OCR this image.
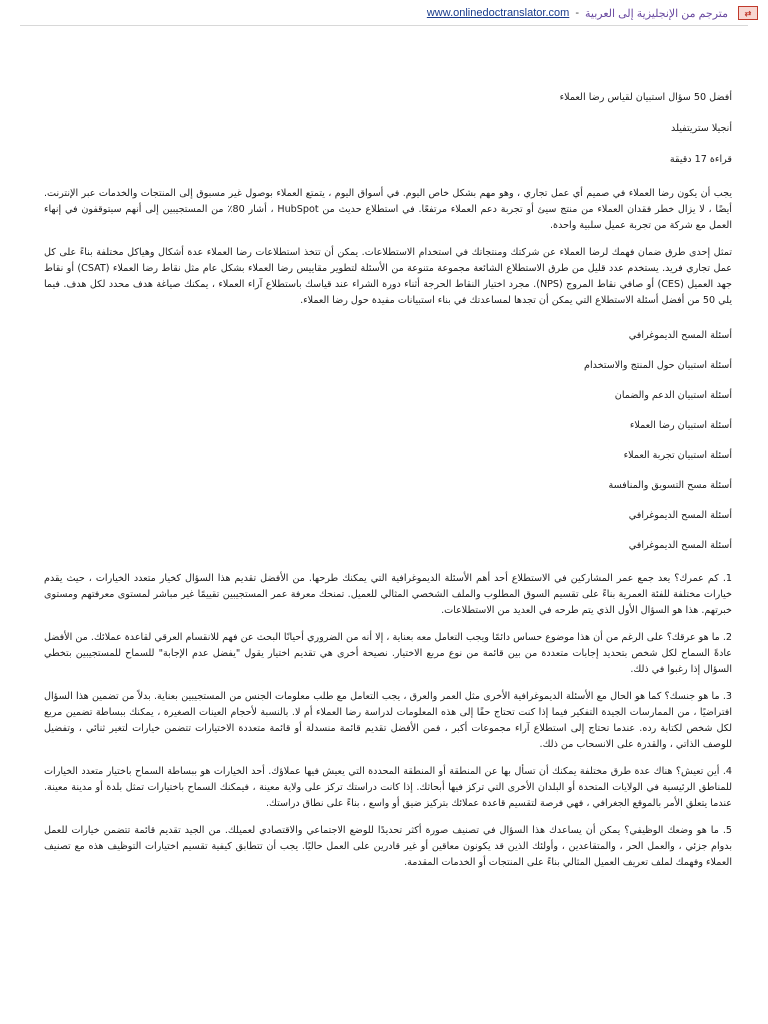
www.onlinedoctranslator.com - مترجم من الإنجليزية إلى العربية	⇄

أفضل 50 سؤال استبيان لقياس رضا العملاء

أنجيلا ستريتفيلد

قراءة 17 دقيقة

يجب أن يكون رضا العملاء في صميم أي عمل تجاري ، وهو مهم بشكل خاص اليوم. في أسواق اليوم ، يتمتع العملاء بوصول غير مسبوق إلى المنتجات والخدمات عبر الإنترنت. أيضًا ، لا يزال خطر فقدان العملاء من منتج سيئ أو تجربة دعم العملاء مرتفعًا. في استطلاع حديث من HubSpot ، أشار 80٪ من المستجيبين إلى أنهم سيتوقفون في إنهاء العمل مع شركة من تجربة عميل سلبية واحدة.

تمثل إحدى طرق ضمان فهمك لرضا العملاء عن شركتك ومنتجاتك في استخدام الاستطلاعات. يمكن أن تتخذ استطلاعات رضا العملاء عدة أشكال وهياكل مختلفة بناءً على كل عمل تجاري فريد. يستخدم عدد قليل من طرق الاستطلاع الشائعة مجموعة متنوعة من الأسئلة لتطوير مقاييس رضا العملاء بشكل عام مثل نقاط رضا العملاء (CSAT) أو نقاط جهد العميل (CES) أو صافي نقاط المروج (NPS). مجرد اختيار النقاط الحرجة أثناء دورة الشراء عند قياسك باستطلاع آراء العملاء ، يمكنك صياغة هدف محدد لكل هدف. فيما يلي 50 من أفضل أسئلة الاستطلاع التي يمكن أن تجدها لمساعدتك في بناء استبيانات مفيدة حول رضا العملاء.

أسئلة المسح الديموغرافي

أسئلة استبيان حول المنتج والاستخدام

أسئلة استبيان الدعم والضمان

أسئلة استبيان رضا العملاء

أسئلة استبيان تجربة العملاء

أسئلة مسح التسويق والمنافسة

أسئلة المسح الديموغرافي

أسئلة المسح الديموغرافي

1. كم عمرك؟ يعد جمع عمر المشاركين في الاستطلاع أحد أهم الأسئلة الديموغرافية التي يمكنك طرحها. من الأفضل تقديم هذا السؤال كخيار متعدد الخيارات ، حيث يقدم خيارات مختلفة للفئة العمرية بناءً على تقسيم السوق المطلوب والملف الشخصي المثالي للعميل. تمنحك معرفة عمر المستجيبين تقييمًا غير مباشر لمستوى معرفتهم ومستوى خبرتهم. هذا هو السؤال الأول الذي يتم طرحه في العديد من الاستطلاعات.

2. ما هو عرقك؟ على الرغم من أن هذا موضوع حساس دائمًا ويجب التعامل معه بعناية ، إلا أنه من الضروري أحيانًا البحث عن فهم للانقسام العرقي لقاعدة عملائك. من الأفضل عادةً السماح لكل شخص بتحديد إجابات متعددة من بين قائمة من نوع مربع الاختيار. نصيحة أخرى هي تقديم اختيار يقول "يفضل عدم الإجابة" للسماح للمستجيبين بتخطي السؤال إذا رغبوا في ذلك.

3. ما هو جنسك؟ كما هو الحال مع الأسئلة الديموغرافية الأخرى مثل العمر والعرق ، يجب التعامل مع طلب معلومات الجنس من المستجيبين بعناية. بدلاً من تضمين هذا السؤال افتراضيًا ، من الممارسات الجيدة التفكير فيما إذا كنت تحتاج حقًا إلى هذه المعلومات لدراسة رضا العملاء أم لا. بالنسبة لأحجام العينات الصغيرة ، يمكنك ببساطة تضمين مربع لكل شخص لكتابة رده. عندما تحتاج إلى استطلاع آراء مجموعات أكبر ، فمن الأفضل تقديم قائمة منسدلة أو قائمة متعددة الاختيارات تتضمن خيارات لتغير ثنائي ، وتفضيل للوصف الذاتي ، والقدرة على الانسحاب من ذلك.

4. أين تعيش؟ هناك عدة طرق مختلفة يمكنك أن تسأل بها عن المنطقة أو المنطقة المحددة التي يعيش فيها عملاؤك. أحد الخيارات هو ببساطة السماح باختيار متعدد الخيارات للمناطق الرئيسية في الولايات المتحدة أو البلدان الأخرى التي تركز فيها أبحاثك. إذا كانت دراستك تركز على ولاية معينة ، فيمكنك السماح باختيارات تمثل بلدة أو مدينة معينة. عندما يتعلق الأمر بالموقع الجغرافي ، فهي فرصة لتقسيم قاعدة عملائك بتركيز ضيق أو واسع ، بناءً على نطاق دراستك.

5. ما هو وضعك الوظيفي؟ يمكن أن يساعدك هذا السؤال في تصنيف صورة أكثر تحديدًا للوضع الاجتماعي والاقتصادي لعميلك. من الجيد تقديم قائمة تتضمن خيارات للعمل بدوام جزئي ، والعمل الحر ، والمتقاعدين ، وأولئك الذين قد يكونون معاقين أو غير قادرين على العمل حاليًا. يجب أن تتطابق كيفية تقسيم اختيارات التوظيف هذه مع تصنيف العملاء وفهمك لملف تعريف العميل المثالي بناءً على المنتجات أو الخدمات المقدمة.
